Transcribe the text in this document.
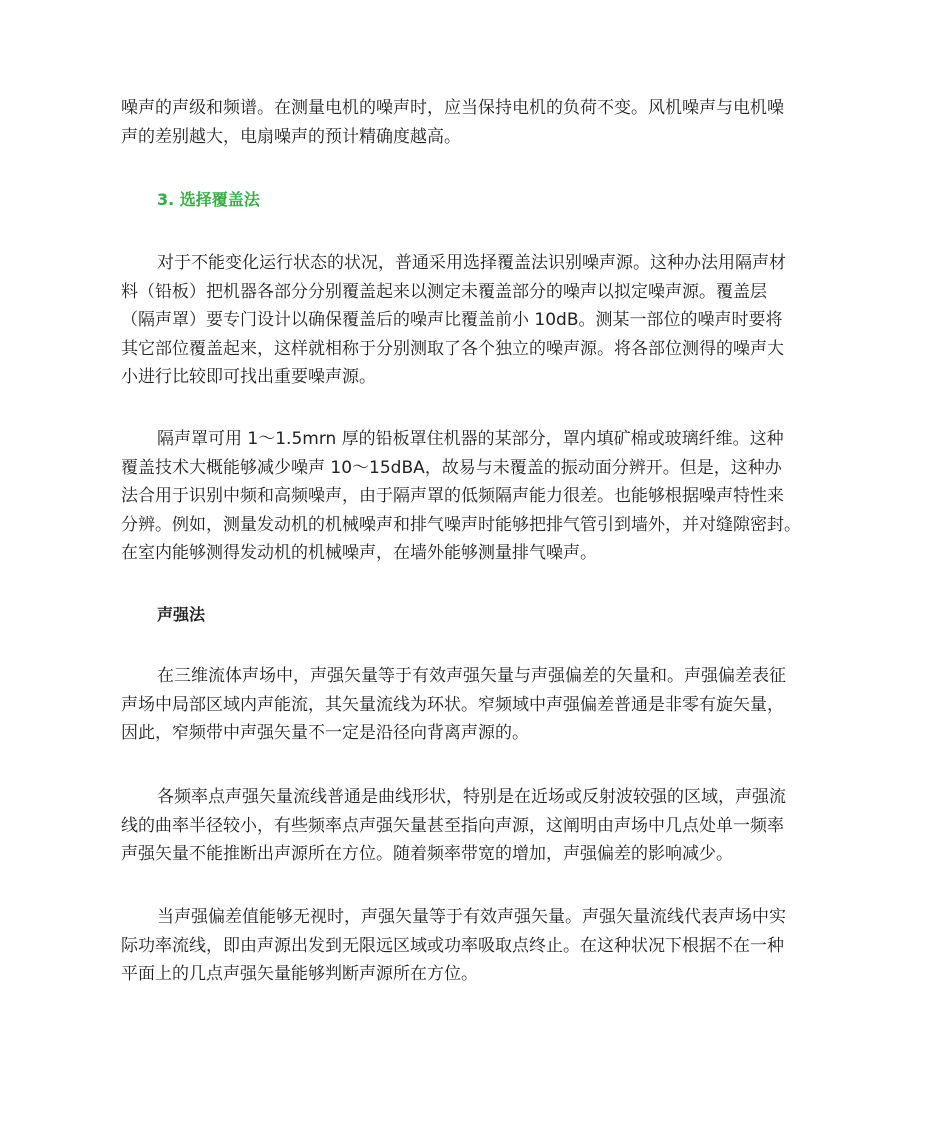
噪声的声级和频谱。在测量电机的噪声时，应当保持电机的负荷不变。风机噪声与电机噪
声的差别越大，电扇噪声的预计精确度越高。
3. 选择覆盖法
对于不能变化运行状态的状况，普通采用选择覆盖法识别噪声源。这种办法用隔声材
料（铅板）把机器各部分分别覆盖起来以测定未覆盖部分的噪声以拟定噪声源。覆盖层
（隔声罩）要专门设计以确保覆盖后的噪声比覆盖前小 10dB。测某一部位的噪声时要将
其它部位覆盖起来，这样就相称于分别测取了各个独立的噪声源。将各部位测得的噪声大
小进行比较即可找出重要噪声源。
隔声罩可用 1～1.5mrn 厚的铅板罩住机器的某部分，罩内填矿棉或玻璃纤维。这种
覆盖技术大概能够减少噪声 10～15dBA，故易与未覆盖的振动面分辨开。但是，这种办
法合用于识别中频和高频噪声，由于隔声罩的低频隔声能力很差。也能够根据噪声特性来
分辨。例如，测量发动机的机械噪声和排气噪声时能够把排气管引到墙外，并对缝隙密封。
在室内能够测得发动机的机械噪声，在墙外能够测量排气噪声。
声强法
在三维流体声场中，声强矢量等于有效声强矢量与声强偏差的矢量和。声强偏差表征
声场中局部区域内声能流，其矢量流线为环状。窄频域中声强偏差普通是非零有旋矢量，
因此，窄频带中声强矢量不一定是沿径向背离声源的。
各频率点声强矢量流线普通是曲线形状，特别是在近场或反射波较强的区域，声强流
线的曲率半径较小，有些频率点声强矢量甚至指向声源，这阐明由声场中几点处单一频率
声强矢量不能推断出声源所在方位。随着频率带宽的增加，声强偏差的影响减少。
当声强偏差值能够无视时，声强矢量等于有效声强矢量。声强矢量流线代表声场中实
际功率流线，即由声源出发到无限远区域或功率吸取点终止。在这种状况下根据不在一种
平面上的几点声强矢量能够判断声源所在方位。
